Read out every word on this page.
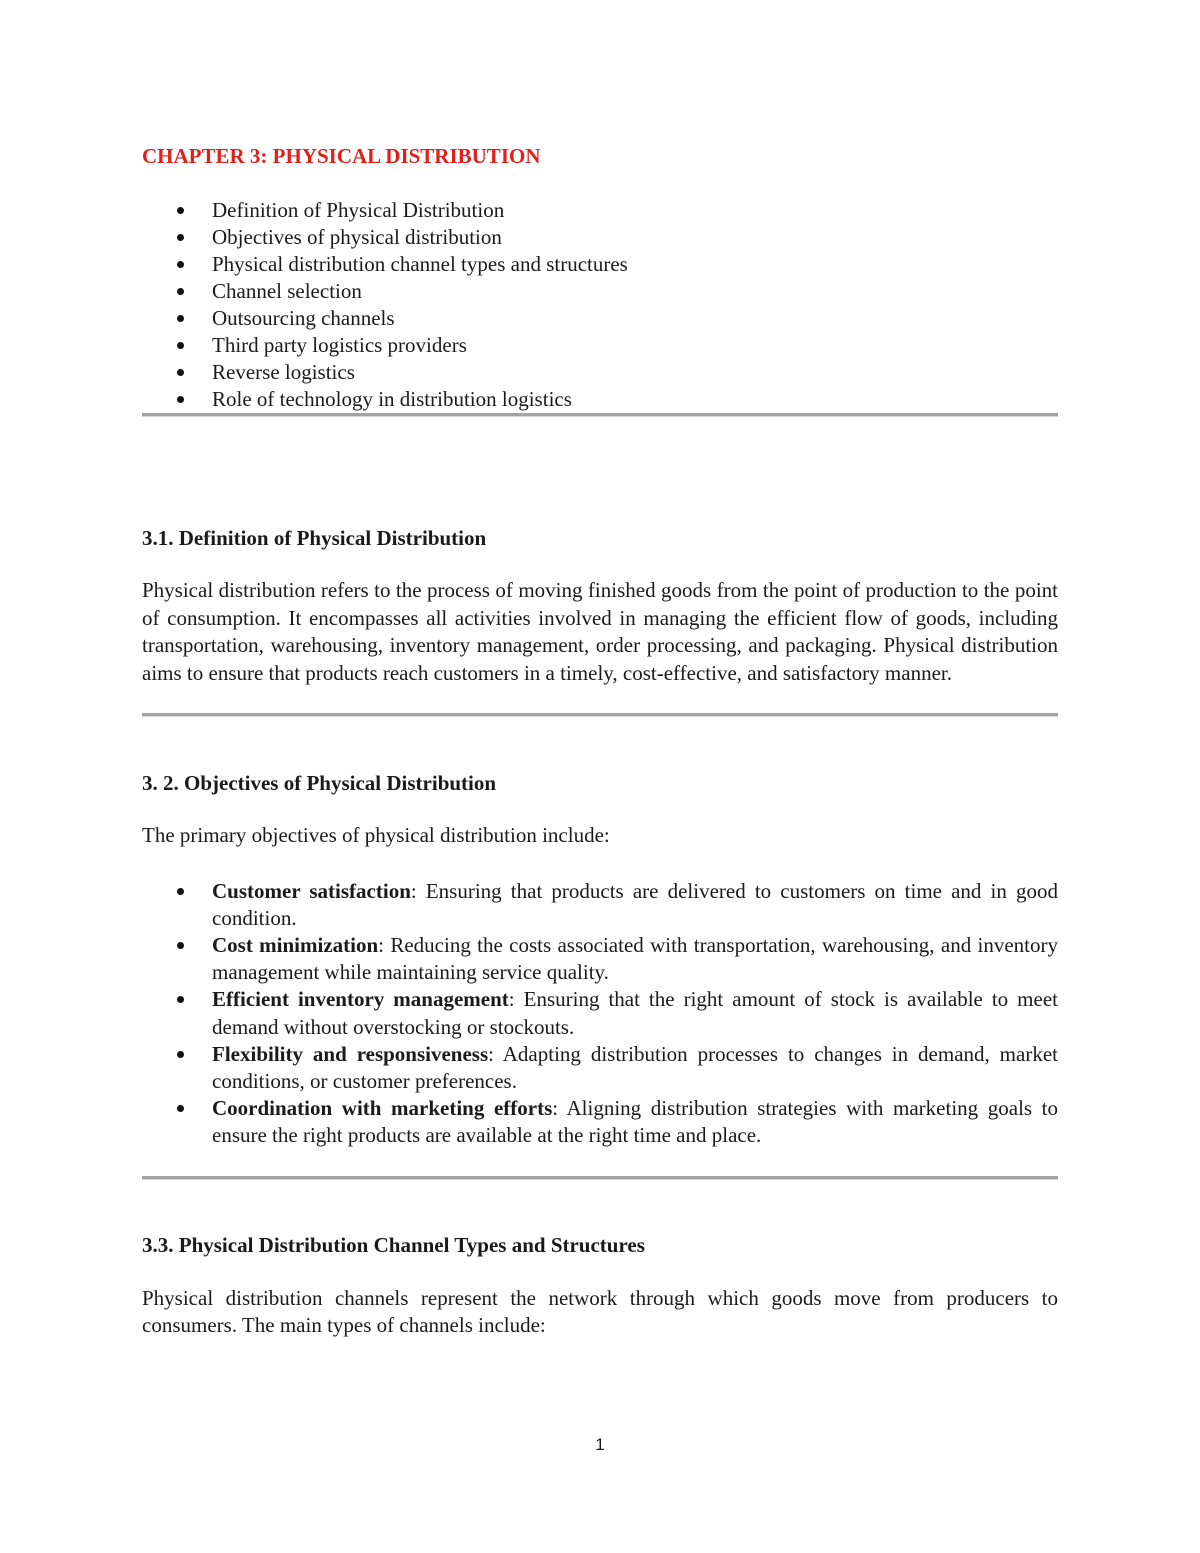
CHAPTER 3: PHYSICAL DISTRIBUTION
Definition of Physical Distribution
Objectives of physical distribution
Physical distribution channel types and structures
Channel selection
Outsourcing channels
Third party logistics providers
Reverse logistics
Role of technology in distribution logistics
3.1. Definition of Physical Distribution

Physical distribution refers to the process of moving finished goods from the point of production to the point of consumption. It encompasses all activities involved in managing the efficient flow of goods, including transportation, warehousing, inventory management, order processing, and packaging. Physical distribution aims to ensure that products reach customers in a timely, cost-effective, and satisfactory manner.

3. 2. Objectives of Physical Distribution

The primary objectives of physical distribution include:

Customer satisfaction: Ensuring that products are delivered to customers on time and in good condition.
Cost minimization: Reducing the costs associated with transportation, warehousing, and inventory management while maintaining service quality.
Efficient inventory management: Ensuring that the right amount of stock is available to meet demand without overstocking or stockouts.
Flexibility and responsiveness: Adapting distribution processes to changes in demand, market conditions, or customer preferences.
Coordination with marketing efforts: Aligning distribution strategies with marketing goals to ensure the right products are available at the right time and place.
3.3. Physical Distribution Channel Types and Structures

Physical distribution channels represent the network through which goods move from producers to consumers. The main types of channels include:

1
